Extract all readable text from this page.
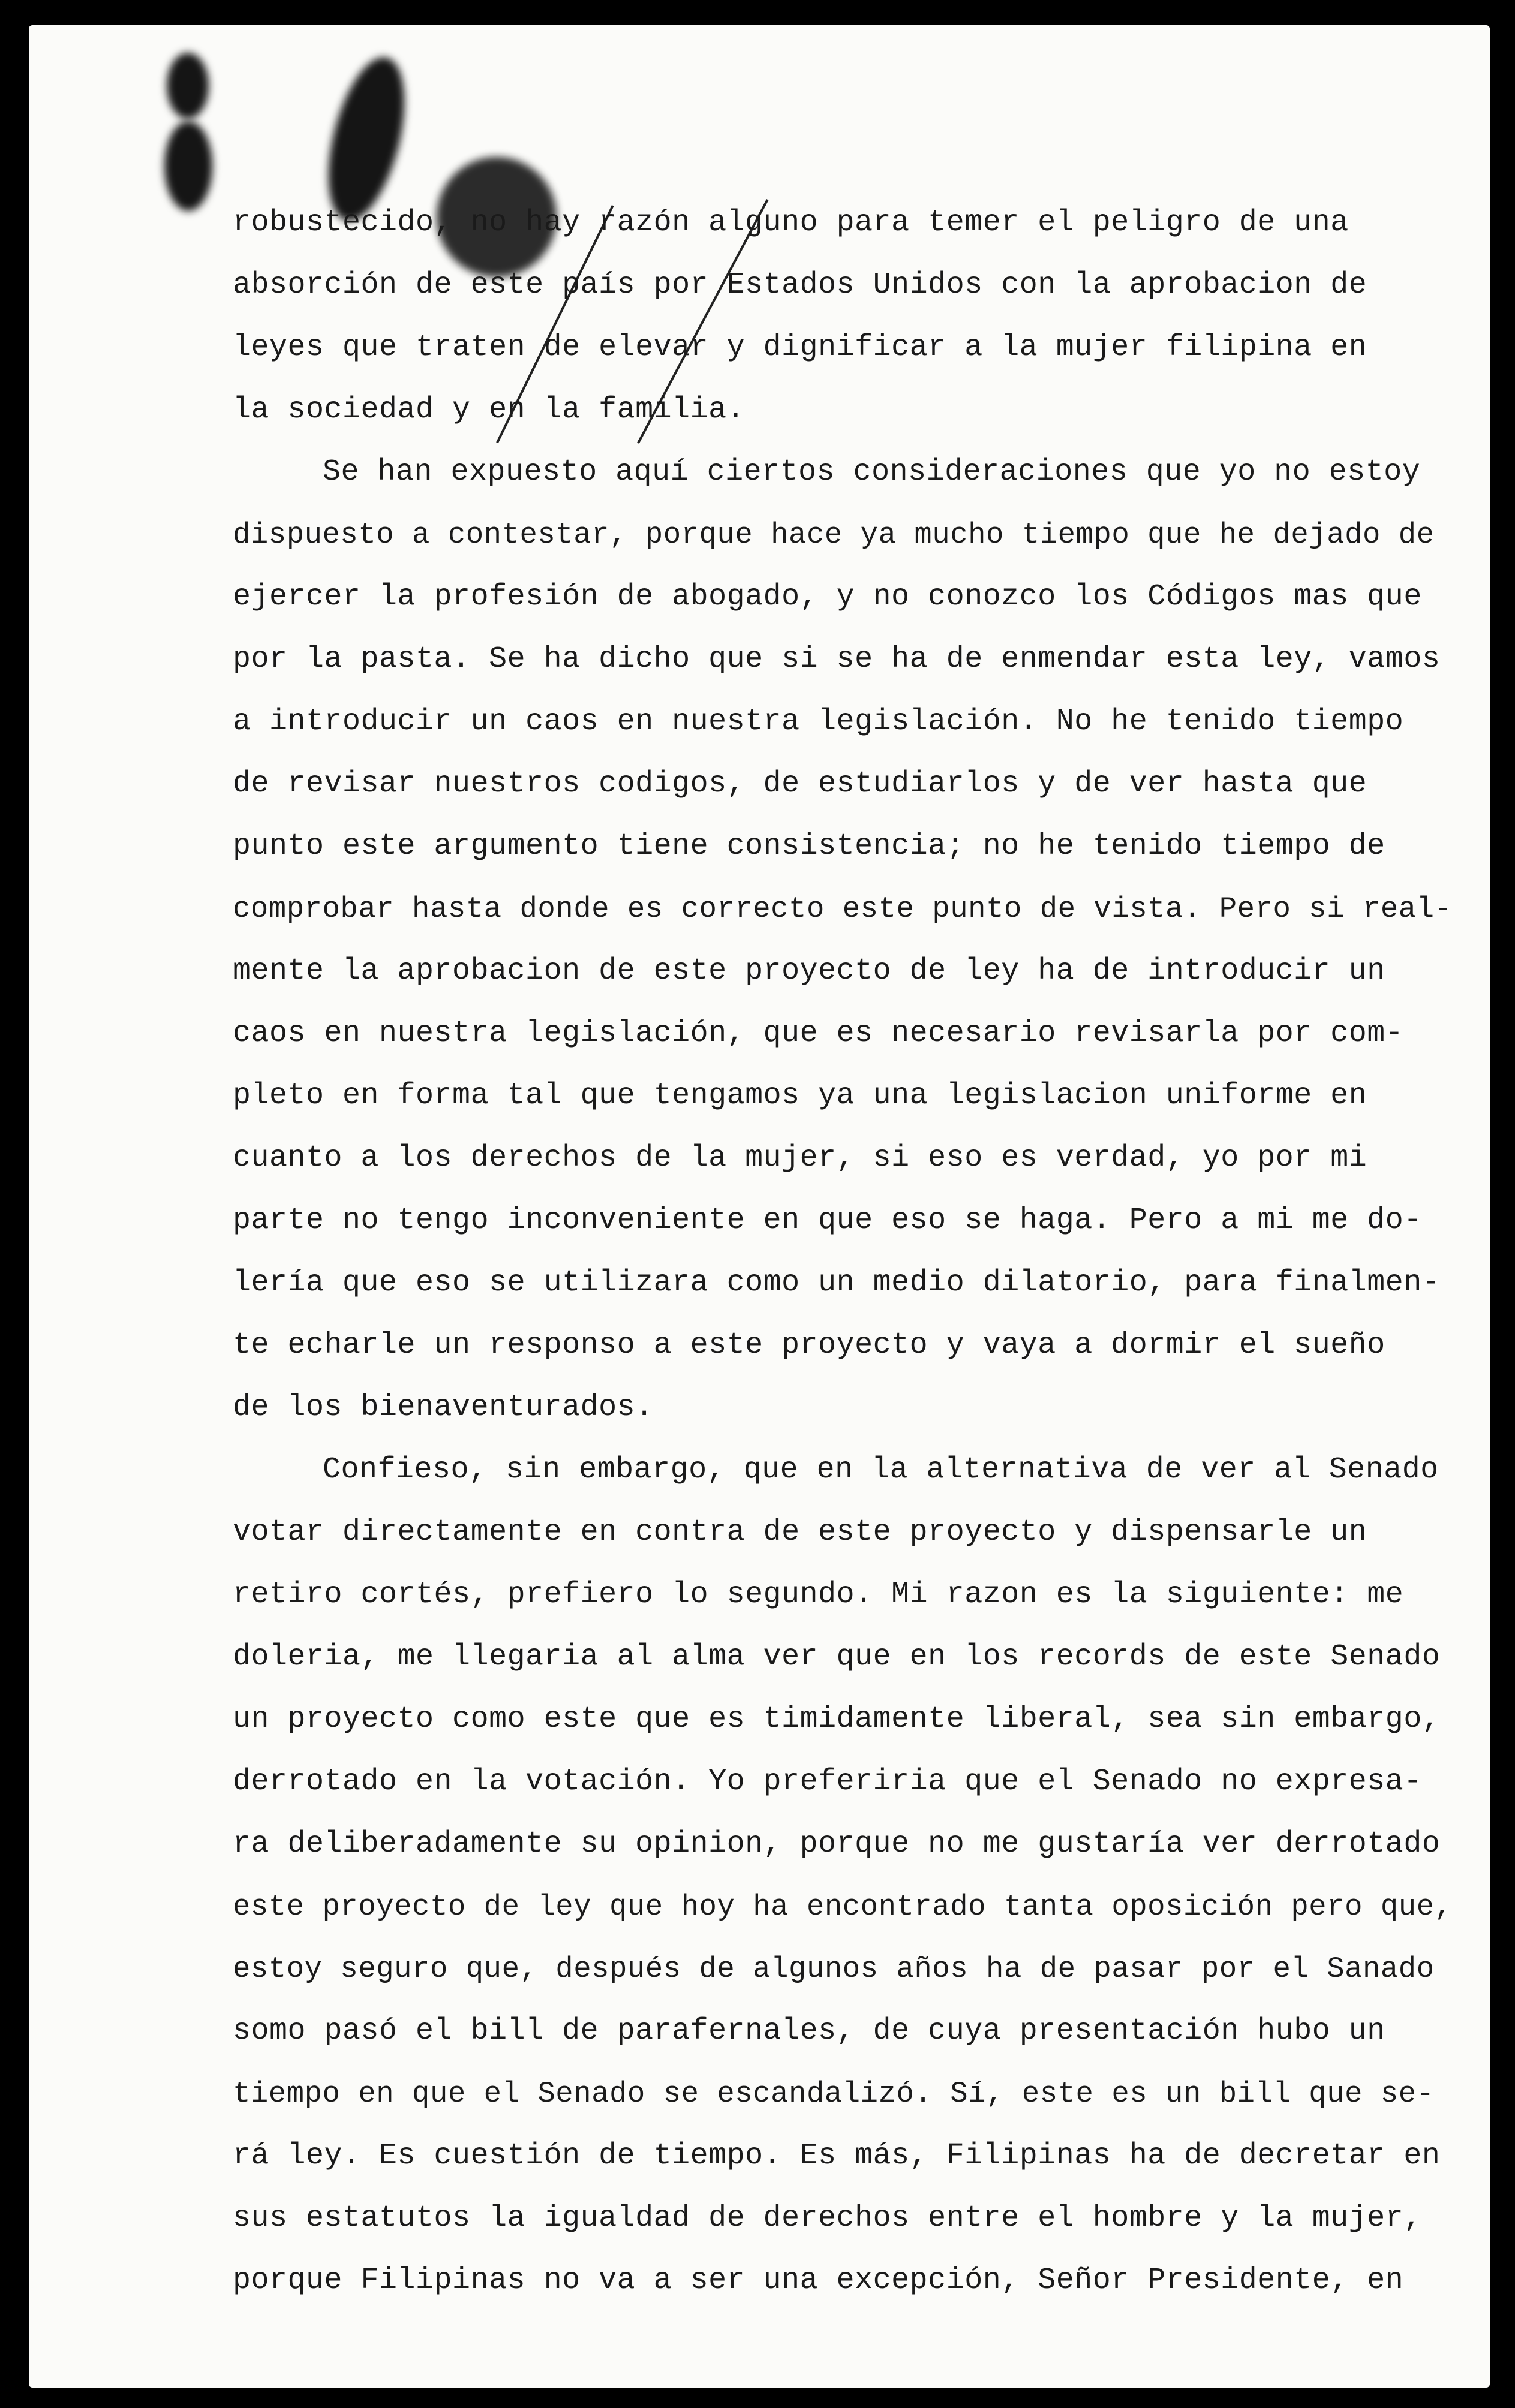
robustecido, no hay razón alguno para temer el peligro de una
absorción de este país por Estados Unidos con la aprobacion de
leyes que traten de elevar y dignificar a la mujer filipina en
la sociedad y en la familia.
Se han expuesto aquí ciertos consideraciones que yo no estoy
dispuesto a contestar, porque hace ya mucho tiempo que he dejado de
ejercer la profesión de abogado, y no conozco los Códigos mas que
por la pasta. Se ha dicho que si se ha de enmendar esta ley, vamos
a introducir un caos en nuestra legislación. No he tenido tiempo
de revisar nuestros codigos, de estudiarlos y de ver hasta que
punto este argumento tiene consistencia; no he tenido tiempo de
comprobar hasta donde es correcto este punto de vista. Pero si real-
mente la aprobacion de este proyecto de ley ha de introducir un
caos en nuestra legislación, que es necesario revisarla por com-
pleto en forma tal que tengamos ya una legislacion uniforme en
cuanto a los derechos de la mujer, si eso es verdad, yo por mi
parte no tengo inconveniente en que eso se haga. Pero a mi me do-
lería que eso se utilizara como un medio dilatorio, para finalmen-
te echarle un responso a este proyecto y vaya a dormir el sueño
de los bienaventurados.
Confieso, sin embargo, que en la alternativa de ver al Senado
votar directamente en contra de este proyecto y dispensarle un
retiro cortés, prefiero lo segundo. Mi razon es la siguiente: me
doleria, me llegaria al alma ver que en los records de este Senado
un proyecto como este que es timidamente liberal, sea sin embargo,
derrotado en la votación. Yo preferiria que el Senado no expresa-
ra deliberadamente su opinion, porque no me gustaría ver derrotado
este proyecto de ley que hoy ha encontrado tanta oposición pero que,
estoy seguro que, después de algunos años ha de pasar por el Sanado
somo pasó el bill de parafernales, de cuya presentación hubo un
tiempo en que el Senado se escandalizó. Sí, este es un bill que se-
rá ley. Es cuestión de tiempo. Es más, Filipinas ha de decretar en
sus estatutos la igualdad de derechos entre el hombre y la mujer,
porque Filipinas no va a ser una excepción, Señor Presidente, en
